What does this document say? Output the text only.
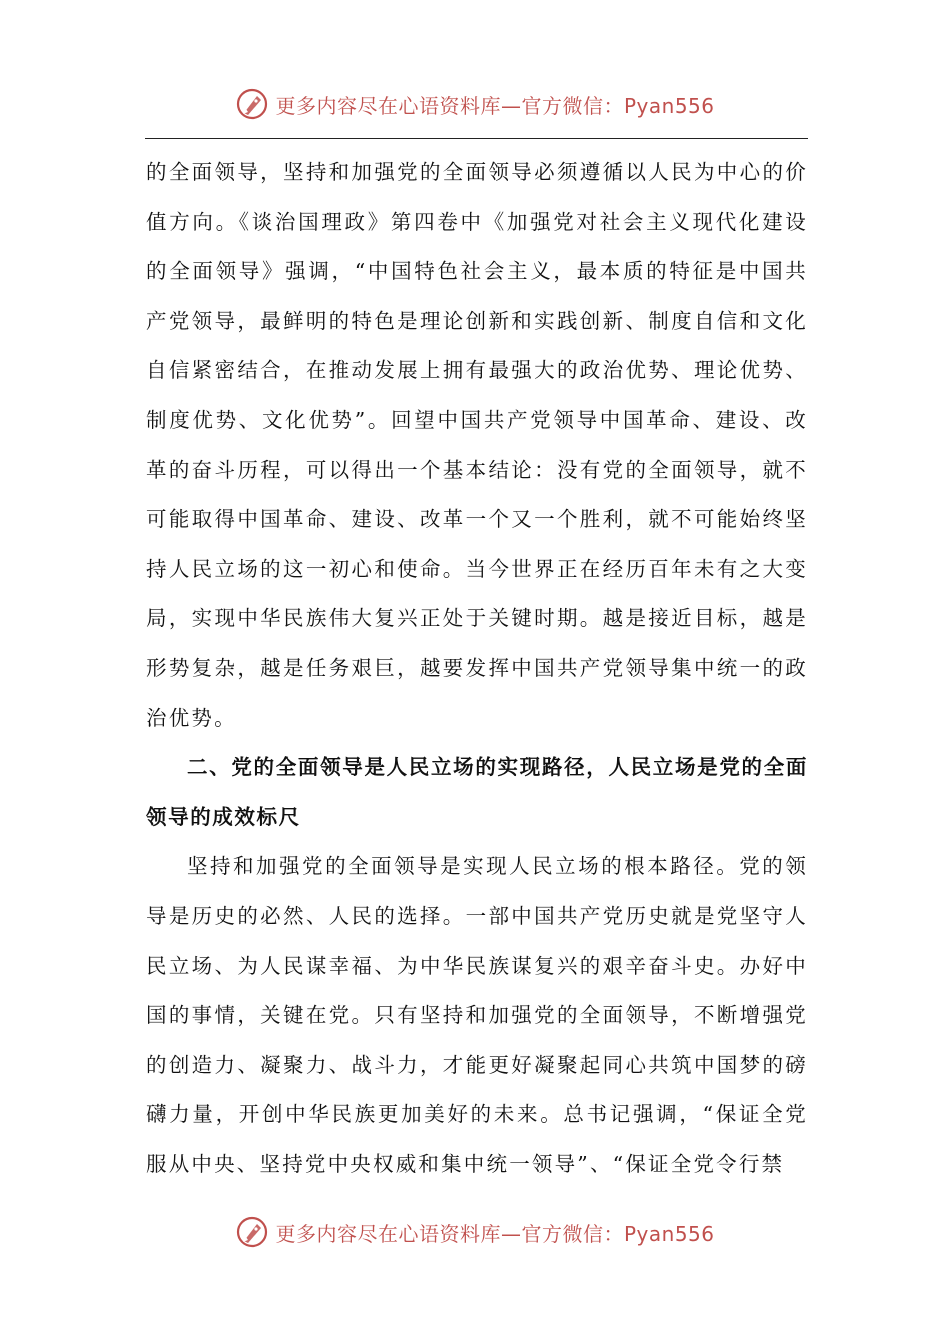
更多内容尽在心语资料库—官方微信：Pyan556

的全面领导，坚持和加强党的全面领导必须遵循以人民为中心的价值方向。《谈治国理政》第四卷中《加强党对社会主义现代化建设的全面领导》强调，“中国特色社会主义，最本质的特征是中国共产党领导，最鲜明的特色是理论创新和实践创新、制度自信和文化自信紧密结合，在推动发展上拥有最强大的政治优势、理论优势、制度优势、文化优势”。回望中国共产党领导中国革命、建设、改革的奋斗历程，可以得出一个基本结论：没有党的全面领导，就不可能取得中国革命、建设、改革一个又一个胜利，就不可能始终坚持人民立场的这一初心和使命。当今世界正在经历百年未有之大变局，实现中华民族伟大复兴正处于关键时期。越是接近目标，越是形势复杂，越是任务艰巨，越要发挥中国共产党领导集中统一的政治优势。

二、党的全面领导是人民立场的实现路径，人民立场是党的全面领导的成效标尺

坚持和加强党的全面领导是实现人民立场的根本路径。党的领导是历史的必然、人民的选择。一部中国共产党历史就是党坚守人民立场、为人民谋幸福、为中华民族谋复兴的艰辛奋斗史。办好中国的事情，关键在党。只有坚持和加强党的全面领导，不断增强党的创造力、凝聚力、战斗力，才能更好凝聚起同心共筑中国梦的磅礴力量，开创中华民族更加美好的未来。总书记强调，“保证全党服从中央、坚持党中央权威和集中统一领导”、“保证全党令行禁

更多内容尽在心语资料库—官方微信：Pyan556
